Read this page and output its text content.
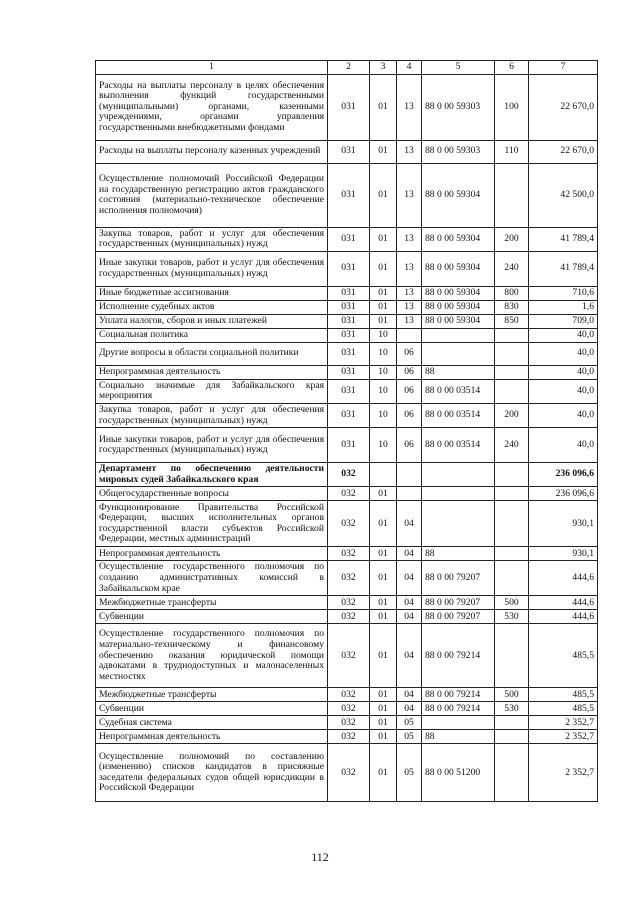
1	2	3	4	5	6	7
Расходы на выплаты персоналу в целях обеспечения выполнения функций государственными (муниципальными) органами, казенными учреждениями, органами управления государственными внебюджетными фондами	031	01	13	88 0 00 59303	100	22 670,0
Расходы на выплаты персоналу казенных учреждений	031	01	13	88 0 00 59303	110	22 670,0
Осуществление полномочий Российской Федерации на государственную регистрацию актов гражданского состояния (материально-техническое обеспечение исполнения полномочия)	031	01	13	88 0 00 59304		42 500,0
Закупка товаров, работ и услуг для обеспечения государственных (муниципальных) нужд	031	01	13	88 0 00 59304	200	41 789,4
Иные закупки товаров, работ и услуг для обеспечения государственных (муниципальных) нужд	031	01	13	88 0 00 59304	240	41 789,4
Иные бюджетные ассигнования	031	01	13	88 0 00 59304	800	710,6
Исполнение судебных актов	031	01	13	88 0 00 59304	830	1,6
Уплата налогов, сборов и иных платежей	031	01	13	88 0 00 59304	850	709,0
Социальная политика	031	10				40,0
Другие вопросы в области социальной политики	031	10	06			40,0
Непрограммная деятельность	031	10	06	88		40,0
Социально значимые для Забайкальского края мероприятия	031	10	06	88 0 00 03514		40,0
Закупка товаров, работ и услуг для обеспечения государственных (муниципальных) нужд	031	10	06	88 0 00 03514	200	40,0
Иные закупки товаров, работ и услуг для обеспечения государственных (муниципальных) нужд	031	10	06	88 0 00 03514	240	40,0
Департамент по обеспечению деятельности мировых судей Забайкальского края	032					236 096,6
Общегосударственные вопросы	032	01				236 096,6
Функционирование Правительства Российской Федерации, высших исполнительных органов государственной власти субъектов Российской Федерации, местных администраций	032	01	04			930,1
Непрограммная деятельность	032	01	04	88		930,1
Осуществление государственного полномочия по созданию административных комиссий в Забайкальском крае	032	01	04	88 0 00 79207		444,6
Межбюджетные трансферты	032	01	04	88 0 00 79207	500	444,6
Субвенции	032	01	04	88 0 00 79207	530	444,6
Осуществление государственного полномочия по материально-техническому и финансовому обеспечению оказания юридической помощи адвокатами в труднодоступных и малонаселенных местностях	032	01	04	88 0 00 79214		485,5
Межбюджетные трансферты	032	01	04	88 0 00 79214	500	485,5
Субвенции	032	01	04	88 0 00 79214	530	485,5
Судебная система	032	01	05			2 352,7
Непрограммная деятельность	032	01	05	88		2 352,7
Осуществление полномочий по составлению (изменению) списков кандидатов в присяжные заседатели федеральных судов общей юрисдикции в Российской Федерации	032	01	05	88 0 00 51200		2 352,7
112
